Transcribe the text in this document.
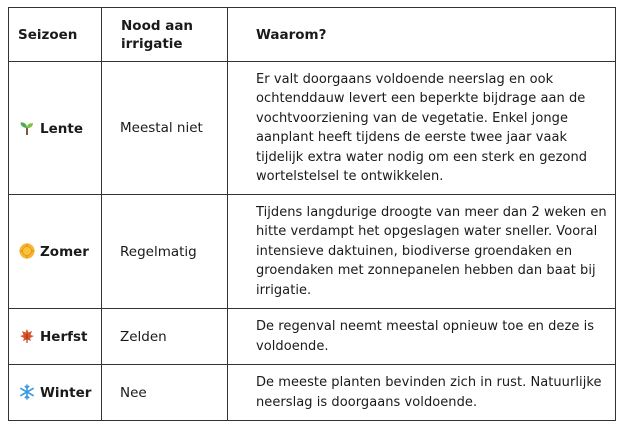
Seizoen	Nood aan irrigatie	Waarom?
Lente	Meestal niet	Er valt doorgaans voldoende neerslag en ook ochtenddauw levert een beperkte bijdrage aan de vochtvoorziening van de vegetatie. Enkel jonge aanplant heeft tijdens de eerste twee jaar vaak tijdelijk extra water nodig om een sterk en gezond wortelstelsel te ontwikkelen.
Zomer	Regelmatig	Tijdens langdurige droogte van meer dan 2 weken en hitte verdampt het opgeslagen water sneller. Vooral intensieve daktuinen, biodiverse groendaken en groendaken met zonnepanelen hebben dan baat bij irrigatie.
Herfst	Zelden	De regenval neemt meestal opnieuw toe en deze is voldoende.
Winter	Nee	De meeste planten bevinden zich in rust. Natuurlijke neerslag is doorgaans voldoende.
